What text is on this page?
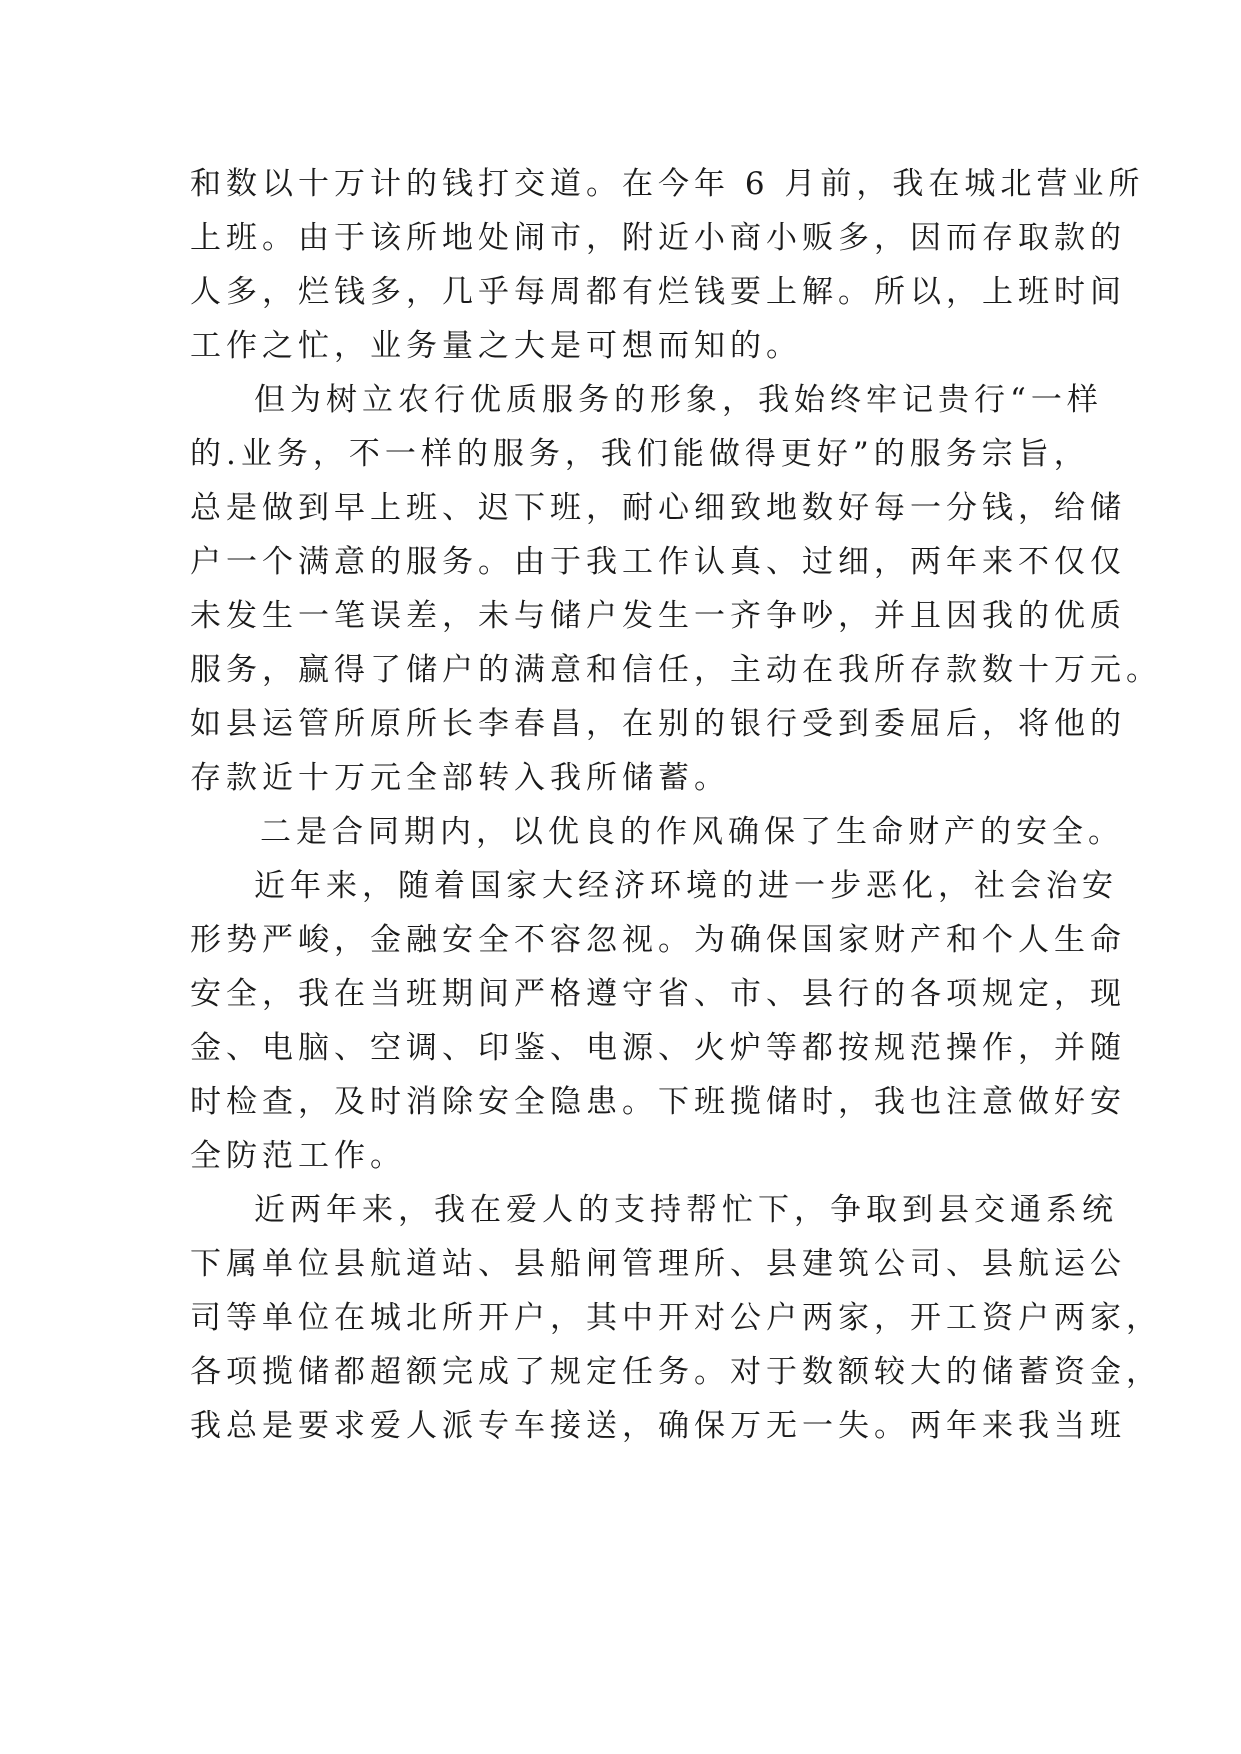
和数以十万计的钱打交道。在今年 6 月前，我在城北营业所
上班。由于该所地处闹市，附近小商小贩多，因而存取款的
人多，烂钱多，几乎每周都有烂钱要上解。所以，上班时间
工作之忙，业务量之大是可想而知的。
但为树立农行优质服务的形象，我始终牢记贵行“一样
的.业务，不一样的服务，我们能做得更好”的服务宗旨，
总是做到早上班、迟下班，耐心细致地数好每一分钱，给储
户一个满意的服务。由于我工作认真、过细，两年来不仅仅
未发生一笔误差，未与储户发生一齐争吵，并且因我的优质
服务，赢得了储户的满意和信任，主动在我所存款数十万元。
如县运管所原所长李春昌，在别的银行受到委屈后，将他的
存款近十万元全部转入我所储蓄。
二是合同期内，以优良的作风确保了生命财产的安全。
近年来，随着国家大经济环境的进一步恶化，社会治安
形势严峻，金融安全不容忽视。为确保国家财产和个人生命
安全，我在当班期间严格遵守省、市、县行的各项规定，现
金、电脑、空调、印鉴、电源、火炉等都按规范操作，并随
时检查，及时消除安全隐患。下班揽储时，我也注意做好安
全防范工作。
近两年来，我在爱人的支持帮忙下，争取到县交通系统
下属单位县航道站、县船闸管理所、县建筑公司、县航运公
司等单位在城北所开户，其中开对公户两家，开工资户两家，
各项揽储都超额完成了规定任务。对于数额较大的储蓄资金，
我总是要求爱人派专车接送，确保万无一失。两年来我当班
